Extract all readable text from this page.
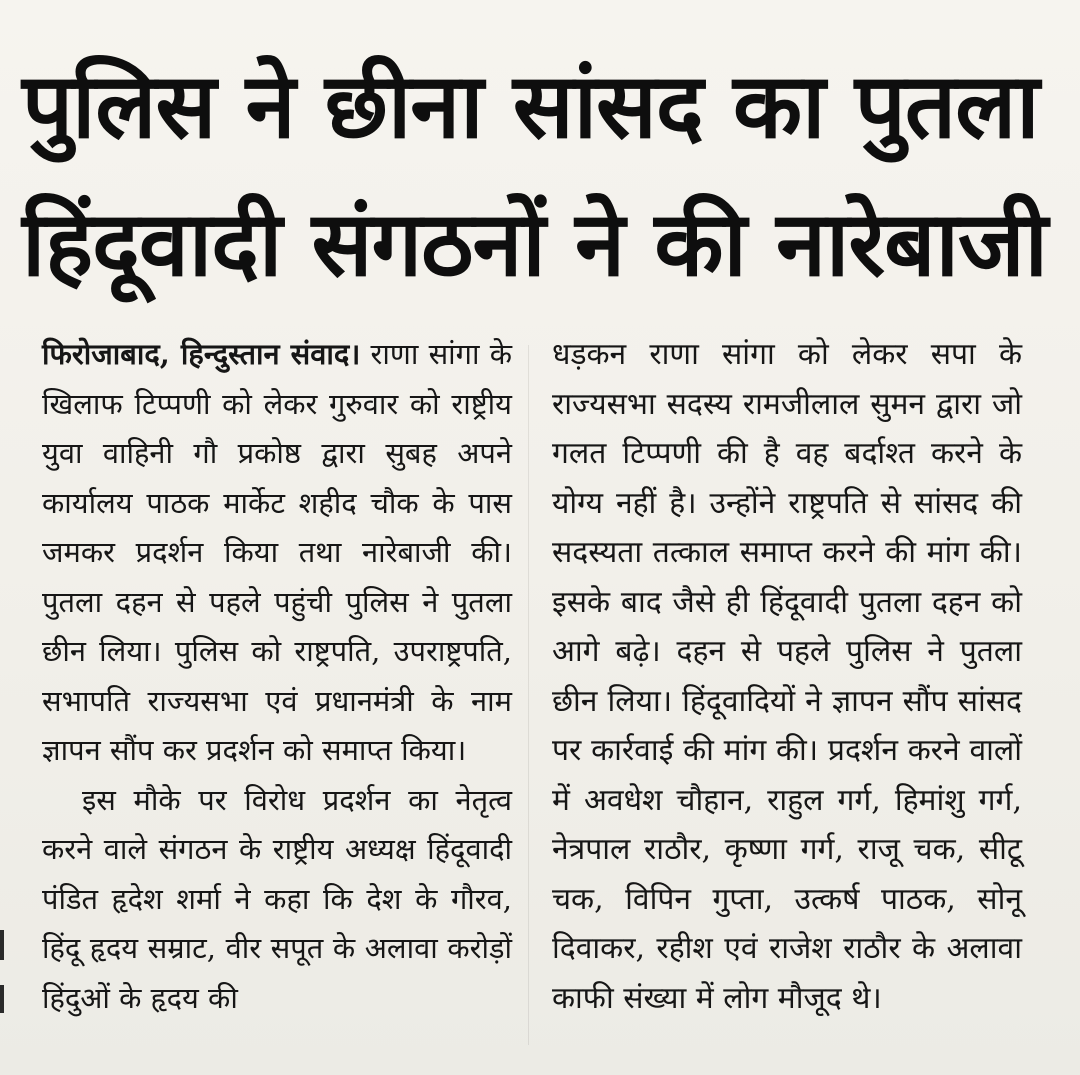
पुलिस ने छीना सांसद का पुतला
हिंदूवादी संगठनों ने की नारेबाजी

फिरोजाबाद, हिन्दुस्तान संवाद। राणा सांगा के खिलाफ टिप्पणी को लेकर गुरुवार को राष्ट्रीय युवा वाहिनी गौ प्रकोष्ठ द्वारा सुबह अपने कार्यालय पाठक मार्केट शहीद चौक के पास जमकर प्रदर्शन किया तथा नारेबाजी की। पुतला दहन से पहले पहुंची पुलिस ने पुतला छीन लिया। पुलिस को राष्ट्रपति, उपराष्ट्रपति, सभापति राज्यसभा एवं प्रधानमंत्री के नाम ज्ञापन सौंप कर प्रदर्शन को समाप्त किया।

इस मौके पर विरोध प्रदर्शन का नेतृत्व करने वाले संगठन के राष्ट्रीय अध्यक्ष हिंदूवादी पंडित हृदेश शर्मा ने कहा कि देश के गौरव, हिंदू हृदय सम्राट, वीर सपूत के अलावा करोड़ों हिंदुओं के हृदय की

धड़कन राणा सांगा को लेकर सपा के राज्यसभा सदस्य रामजीलाल सुमन द्वारा जो गलत टिप्पणी की है वह बर्दाश्त करने के योग्य नहीं है। उन्होंने राष्ट्रपति से सांसद की सदस्यता तत्काल समाप्त करने की मांग की। इसके बाद जैसे ही हिंदूवादी पुतला दहन को आगे बढ़े। दहन से पहले पुलिस ने पुतला छीन लिया। हिंदूवादियों ने ज्ञापन सौंप सांसद पर कार्रवाई की मांग की। प्रदर्शन करने वालों में अवधेश चौहान, राहुल गर्ग, हिमांशु गर्ग, नेत्रपाल राठौर, कृष्णा गर्ग, राजू चक, सीटू चक, विपिन गुप्ता, उत्कर्ष पाठक, सोनू दिवाकर, रहीश एवं राजेश राठौर के अलावा काफी संख्या में लोग मौजूद थे।
